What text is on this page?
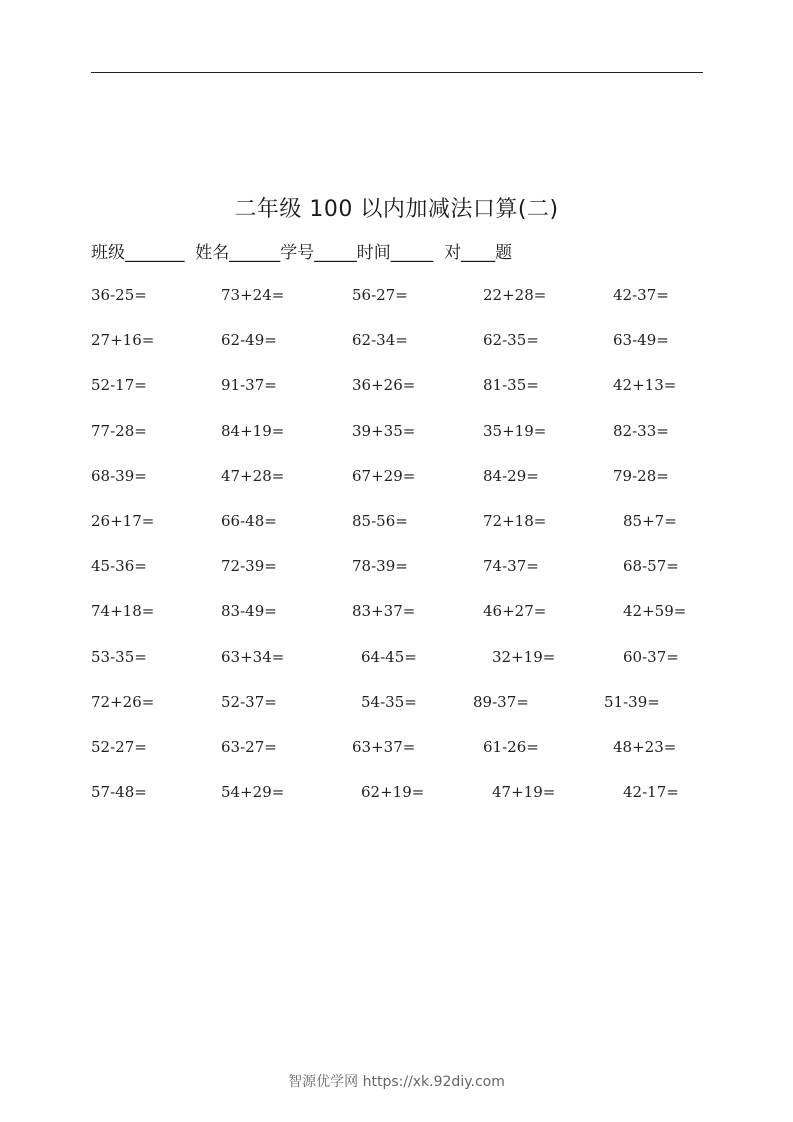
二年级 100 以内加减法口算(二)
班级_______  姓名______学号_____时间_____  对____题
36-25=	73+24=	56-27=	22+28=	42-37=
27+16=	62-49=	62-34=	62-35=	63-49=
52-17=	91-37=	36+26=	81-35=	42+13=
77-28=	84+19=	39+35=	35+19=	82-33=
68-39=	47+28=	67+29=	84-29=	79-28=
26+17=	66-48=	85-56=	72+18=	85+7=
45-36=	72-39=	78-39=	74-37=	68-57=
74+18=	83-49=	83+37=	46+27=	42+59=
53-35=	63+34=	64-45=	32+19=	60-37=
72+26=	52-37=	54-35=	89-37=	51-39=
52-27=	63-27=	63+37=	61-26=	48+23=
57-48=	54+29=	62+19=	47+19=	42-17=
智源优学网 https://xk.92diy.com
